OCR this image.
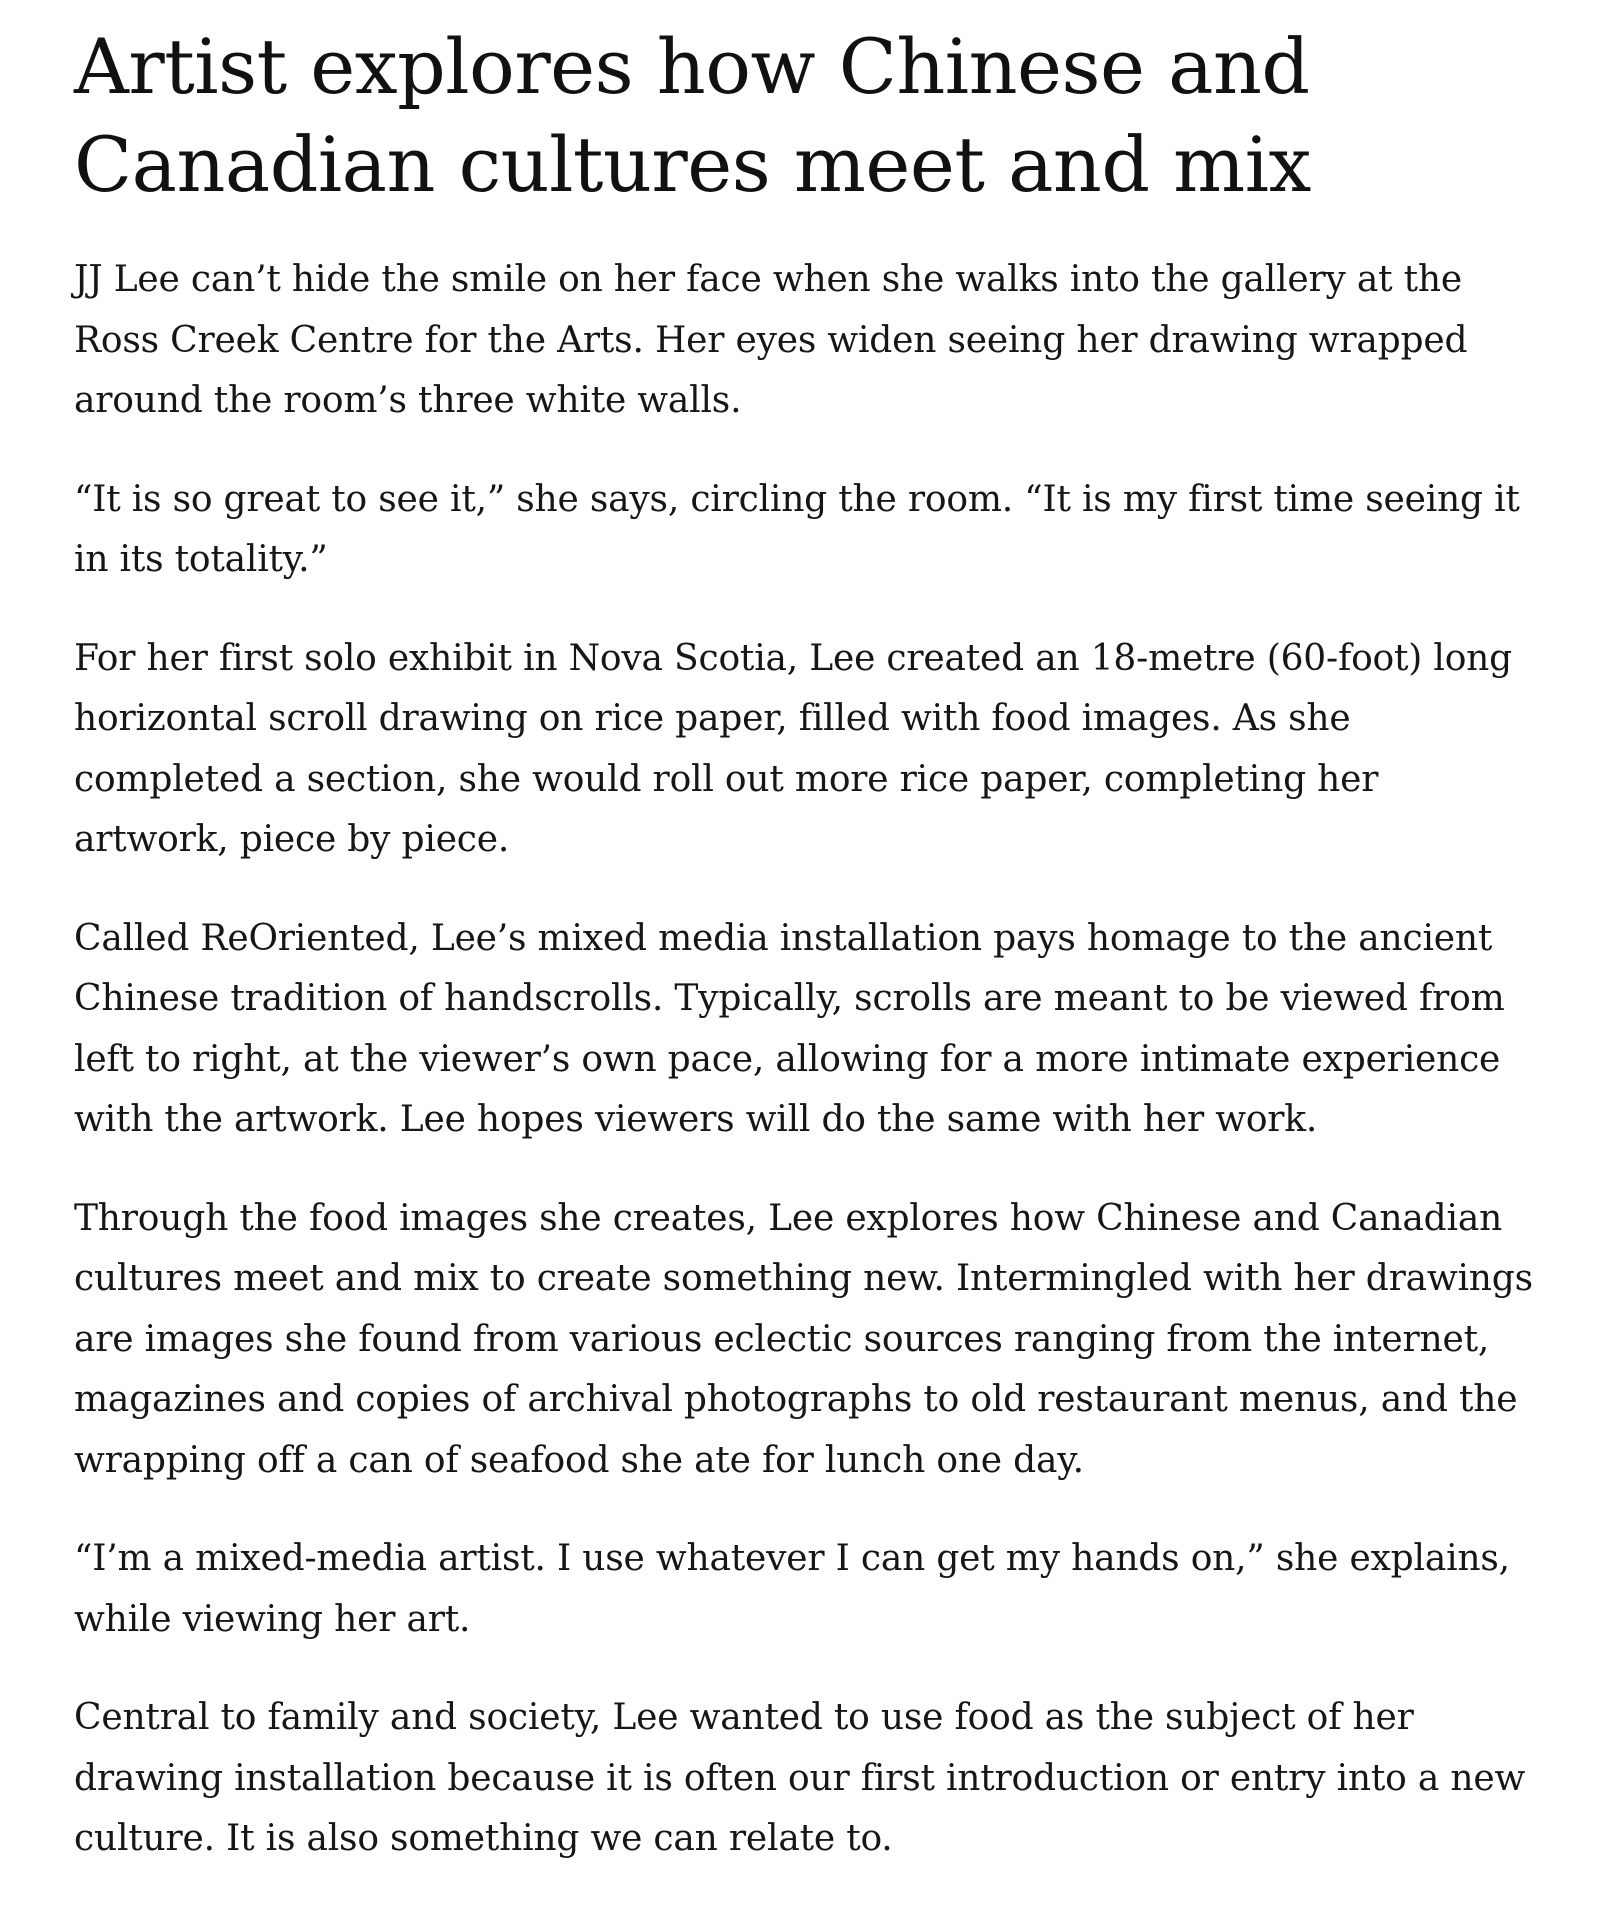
Artist explores how Chinese and Canadian cultures meet and mix

JJ Lee can’t hide the smile on her face when she walks into the gallery at the Ross Creek Centre for the Arts. Her eyes widen seeing her drawing wrapped around the room’s three white walls.

“It is so great to see it,” she says, circling the room. “It is my first time seeing it in its totality.”

For her first solo exhibit in Nova Scotia, Lee created an 18-metre (60-foot) long horizontal scroll drawing on rice paper, filled with food images. As she completed a section, she would roll out more rice paper, completing her artwork, piece by piece.

Called ReOriented, Lee’s mixed media installation pays homage to the ancient Chinese tradition of handscrolls. Typically, scrolls are meant to be viewed from left to right, at the viewer’s own pace, allowing for a more intimate experience with the artwork. Lee hopes viewers will do the same with her work.

Through the food images she creates, Lee explores how Chinese and Canadian cultures meet and mix to create something new. Intermingled with her drawings are images she found from various eclectic sources ranging from the internet, magazines and copies of archival photographs to old restaurant menus, and the wrapping off a can of seafood she ate for lunch one day.

“I’m a mixed-media artist. I use whatever I can get my hands on,” she explains, while viewing her art.

Central to family and society, Lee wanted to use food as the subject of her drawing installation because it is often our first introduction or entry into a new culture. It is also something we can relate to.
